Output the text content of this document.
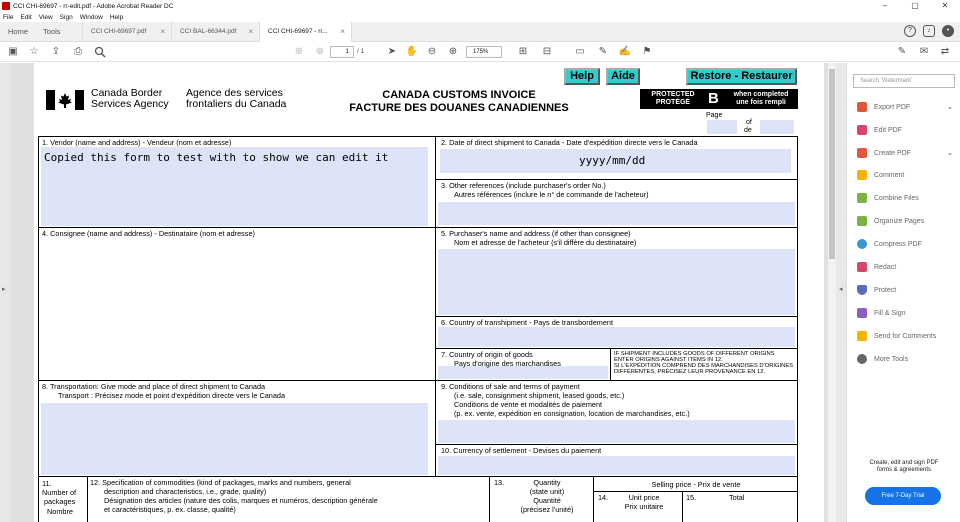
CCI CHI-69697 - rr-edit.pdf - Adobe Acrobat Reader DC	–	▢	✕
File Edit View Sign Window Help
Home Tools	CCI CHI-69697.pdf ×	CCI BAL-66344.pdf ×	CCI CHI-69697 - rr... ×	?	♪	•
▣ ☆ ⇪	⎙	⊕ ⊕	1	/ 1 ➤ ✋ ⊖ ⊕	175%	⊞ ⊟ ▭ ✎ ✍ ⚑	✎ ✉ ⇄
▸
Canada Border
Services Agency
Agence des services
frontaliers du Canada
CANADA CUSTOMS INVOICE
FACTURE DES DOUANES CANADIENNES
Help	Aide	Restore - Restaurer
PROTECTED
PROTÉGÉ	B	when completed
une fois rempli
Page
of
de
1. Vendor (name and address) - Vendeur (nom et adresse)
Copied this form to test with to show we can edit it
2. Date of direct shipment to Canada - Date d'expédition directe vers le Canada
yyyy/mm/dd
3. Other references (include purchaser's order No.)
Autres références (inclure le n° de commande de l'acheteur)
4. Consignee (name and address) - Destinataire (nom et adresse)	5. Purchaser's name and address (if other than consignee)
Nom et adresse de l'acheteur (s'il diffère du destinataire)
6. Country of transhipment - Pays de transbordement
7. Country of origin of goods
Pays d'origine des marchandises
IF SHIPMENT INCLUDES GOODS OF DIFFERENT ORIGINS
ENTER ORIGINS AGAINST ITEMS IN 12.
SI L'EXPÉDITION COMPREND DES MARCHANDISES D'ORIGINES
DIFFÉRENTES, PRÉCISEZ LEUR PROVENANCE EN 12.
8. Transportation: Give mode and place of direct shipment to Canada
Transport : Précisez mode et point d'expédition directe vers le Canada
9. Conditions of sale and terms of payment
(i.e. sale, consignment shipment, leased goods, etc.)
Conditions de vente et modalités de paiement
(p. ex. vente, expédition en consignation, location de marchandises, etc.)
10. Currency of settlement - Devises du paiement
11.
Number of
packages
Nombre
12. Specification of commodities (kind of packages, marks and numbers, general
description and characteristics, i.e., grade, quality)
Désignation des articles (nature des colis, marques et numéros, description générale
et caractéristiques, p. ex. classe, qualité)
13.	Quantity
(state unit)
Quantité
(précisez l'unité)
Selling price - Prix de vente
14.	Unit price
Prix unitaire
15.	Total
◂
Search 'Watermark'
Export PDF	⌄
Edit PDF
Create PDF	⌄
Comment
Combine Files
Organize Pages
Compress PDF
Redact
Protect
Fill & Sign
Send for Comments
More Tools
Create, edit and sign PDF
forms & agreements
Free 7-Day Trial
